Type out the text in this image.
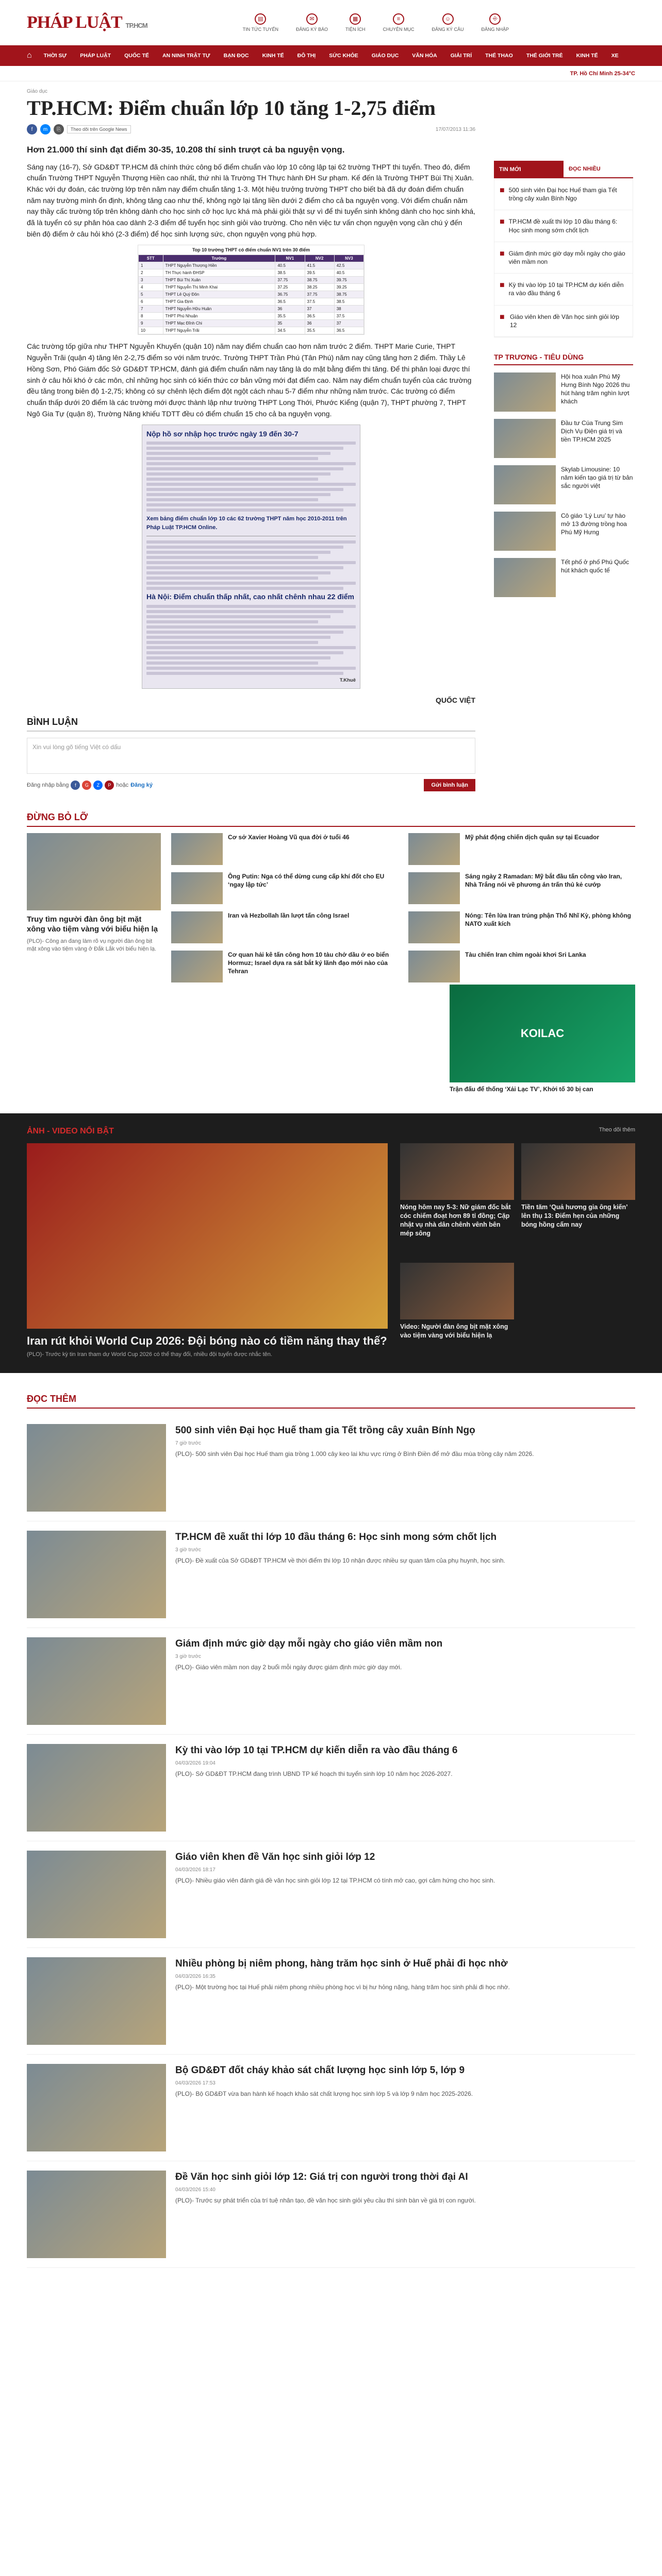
PHÁP LUẬT TP.HCM
▤
TIN TỨC TUYỂN
✉
ĐĂNG KÝ BÁO
▦
TIỆN ÍCH
≡
CHUYÊN MỤC
☺
ĐĂNG KÝ CÂU
⎆
ĐĂNG NHẬP
⌂	THỜI SỰ	PHÁP LUẬT	QUỐC TẾ	AN NINH TRẬT TỰ	BẠN ĐỌC	KINH TẾ	ĐÔ THỊ	SỨC KHỎE	GIÁO DỤC	VĂN HÓA	GIẢI TRÍ	THỂ THAO	THỂ GIỚI TRẺ	KINH TẾ	XE
TP. Hồ Chí Minh 25-34°C
Giáo dục
TP.HCM: Điểm chuẩn lớp 10 tăng 1-2,75 điểm
f	m	⎘	Theo dõi trên Google News	17/07/2013 11:36

Hơn 21.000 thí sinh đạt điểm 30-35, 10.208 thí sinh trượt cả ba nguyện vọng.

Sáng nay (16-7), Sở GD&ĐT TP.HCM đã chính thức công bố điểm chuẩn vào lớp 10 công lập tại 62 trường THPT thi tuyển. Theo đó, điểm chuẩn Trường THPT Nguyễn Thượng Hiền cao nhất, thứ nhì là Trường TH Thực hành ĐH Sư phạm. Kế đến là Trường THPT Bùi Thị Xuân. Khác với dự đoán, các trường lớp trên năm nay điểm chuẩn tăng 1-3. Một hiệu trưởng trường THPT cho biết bà đã dự đoán điểm chuẩn năm nay trường mình ổn định, không tăng cao như thế, không ngờ lại tăng liền dưới 2 điểm cho cả ba nguyện vọng. Với điểm chuẩn năm nay thầy cấc trường tốp trên không dành cho học sinh cỡ học lực khá mà phải giỏi thật sự vì để thi tuyển sinh không dành cho học sinh khá, đã là tuyển có sự phân hóa cao dành 2-3 điểm để tuyển học sinh giỏi vào trường. Cho nên việc tư vấn chọn nguyện vọng cần chú ý đến biên độ điểm ở câu hỏi khó (2-3 điểm) để học sinh lượng sức, chọn nguyện vọng phù hợp.

Top 10 trường THPT có điểm chuẩn NV1 trên 30 điểm
STT	Trường	NV1	NV2	NV3
1	THPT Nguyễn Thượng Hiền	40.5	41.5	42.5
2	TH Thực hành ĐHSP	38.5	39.5	40.5
3	THPT Bùi Thị Xuân	37.75	38.75	39.75
4	THPT Nguyễn Thị Minh Khai	37.25	38.25	39.25
5	THPT Lê Quý Đôn	36.75	37.75	38.75
6	THPT Gia Định	36.5	37.5	38.5
7	THPT Nguyễn Hữu Huân	36	37	38
8	THPT Phú Nhuận	35.5	36.5	37.5
9	THPT Mạc Đĩnh Chi	35	36	37
10	THPT Nguyễn Trãi	34.5	35.5	36.5

Các trường tốp giữa như THPT Nguyễn Khuyến (quận 10) năm nay điểm chuẩn cao hơn năm trước 2 điểm. THPT Marie Curie, THPT Nguyễn Trãi (quận 4) tăng lên 2-2,75 điểm so với năm trước. Trường THPT Trần Phú (Tân Phú) năm nay cũng tăng hơn 2 điểm. Thầy Lê Hồng Sơn, Phó Giám đốc Sở GD&ĐT TP.HCM, đánh giá điểm chuẩn năm nay tăng là do mặt bằng điểm thi tăng. Để thi phân loại được thí sinh ở câu hỏi khó ở các môn, chỉ những học sinh có kiến thức cơ bản vững mới đạt điểm cao. Năm nay điểm chuẩn tuyển của các trường đều tăng trong biên độ 1-2,75; không có sự chênh lệch điểm đột ngột cách nhau 5-7 điểm như những năm trước. Các trường có điểm chuẩn thấp dưới 20 điểm là các trường mới được thành lập như trường THPT Long Thới, Phước Kiểng (quận 7), THPT phường 7, THPT Ngô Gia Tự (quận 8), Trường Năng khiếu TDTT đều có điểm chuẩn 15 cho cả ba nguyện vọng.

Nộp hồ sơ nhập học trước ngày 19 đến 30-7
Xem bảng điểm chuẩn lớp 10 các 62 trường THPT năm học 2010-2011 trên Pháp Luật TP.HCM Online.
Hà Nội: Điểm chuẩn thấp nhất, cao nhất chênh nhau 22 điểm
T.Khuê
QUỐC VIỆT
BÌNH LUẬN
Xin vui lòng gõ tiếng Việt có dấu
Đăng nhập bằng	f	G	Z	P hoặc Đăng ký	Gửi bình luận
TIN MỚI	ĐỌC NHIỀU
■ 500 sinh viên Đại học Huế tham gia Tết trồng cây xuân Bính Ngọ
■ TP.HCM đề xuất thi lớp 10 đầu tháng 6: Học sinh mong sớm chốt lịch
■ Giám định mức giờ dạy mỗi ngày cho giáo viên mầm non
■ Kỳ thi vào lớp 10 tại TP.HCM dự kiến diễn ra vào đầu tháng 6
■ Giáo viên khen đề Văn học sinh giỏi lớp 12
TP TRƯƠNG - TIÊU DÙNG
Hội hoa xuân Phú Mỹ Hưng Bính Ngọ 2026 thu hút hàng trăm nghìn lượt khách
Đầu tư Cúa Trung Sim Dịch Vụ Điện giá trị và tiền TP.HCM 2025
Skylab Limousine: 10 năm kiến tạo giá trị từ bản sắc người việt
Cô giáo ‘Lý Lưu’ tự hào mở 13 đường trồng hoa Phú Mỹ Hưng
Tết phố ở phố Phú Quốc hút khách quốc tế
ĐỪNG BỎ LỠ
Truy tìm người đàn ông bịt mặt xông vào tiệm vàng với biểu hiện lạ
(PLO)- Công an đang làm rõ vụ người đàn ông bịt mặt xông vào tiệm vàng ở Đắk Lắk với biểu hiện lạ.
Cơ sở Xavier Hoàng Vũ qua đời ở tuổi 46
Ông Putin: Nga có thể dừng cung cấp khí đốt cho EU ‘ngay lập tức’
Iran và Hezbollah lần lượt tấn công Israel
Cơ quan hải kê tấn công hơn 10 tàu chở dầu ở eo biển Hormuz; Israel dựa ra sát bắt ký lãnh đạo mới nào của Tehran
Mỹ phát động chiến dịch quân sự tại Ecuador
Sáng ngày 2 Ramadan: Mỹ bắt đầu tấn công vào Iran, Nhà Trắng nói về phương án trấn thủ kẻ cướp
Nóng: Tên lửa Iran trúng phận Thổ Nhĩ Kỳ, phòng không NATO xuất kích
Tàu chiến Iran chìm ngoài khơi Sri Lanka
KOILAC
Trận đấu để thống ‘Xải Lạc TV’, Khởi tố 30 bị can
ẢNH - VIDEO NỔI BẬT	Theo dõi thêm
Iran rút khỏi World Cup 2026: Đội bóng nào có tiềm năng thay thế?
(PLO)- Trước kỳ tin Iran tham dự World Cup 2026 có thể thay đổi, nhiều đội tuyển được nhắc tên.
Nóng hôm nay 5-3: Nữ giám đốc bắt cóc chiếm đoạt hơn 89 tỉ đồng; Cặp nhật vụ nhà dân chênh vênh bên mép sông
Tiền tăm ‘Quả hương gia ông kiến’ lên thụ 13: Điểm hẹn của những bóng hồng cấm nay
Video: Người đàn ông bịt mặt xông vào tiệm vàng với biểu hiện lạ
ĐỌC THÊM
500 sinh viên Đại học Huế tham gia Tết trồng cây xuân Bính Ngọ
7 giờ trước
(PLO)- 500 sinh viên Đại học Huế tham gia trồng 1.000 cây keo lai khu vực rừng ở Bình Điền để mở đầu mùa trồng cây năm 2026.
TP.HCM đề xuất thi lớp 10 đầu tháng 6: Học sinh mong sớm chốt lịch
3 giờ trước
(PLO)- Đề xuất của Sở GD&ĐT TP.HCM về thời điểm thi lớp 10 nhận được nhiều sự quan tâm của phụ huynh, học sinh.
Giám định mức giờ dạy mỗi ngày cho giáo viên mầm non
3 giờ trước
(PLO)- Giáo viên mầm non dạy 2 buổi mỗi ngày được giám định mức giờ dạy mới.
Kỳ thi vào lớp 10 tại TP.HCM dự kiến diễn ra vào đầu tháng 6
04/03/2026 19:04
(PLO)- Sở GD&ĐT TP.HCM đang trình UBND TP kế hoạch thi tuyển sinh lớp 10 năm học 2026-2027.
Giáo viên khen đề Văn học sinh giỏi lớp 12
04/03/2026 18:17
(PLO)- Nhiều giáo viên đánh giá đề văn học sinh giỏi lớp 12 tại TP.HCM có tính mở cao, gợi cảm hứng cho học sinh.
Nhiều phòng bị niêm phong, hàng trăm học sinh ở Huế phải đi học nhờ
04/03/2026 16:35
(PLO)- Một trường học tại Huế phải niêm phong nhiều phòng học vì bị hư hỏng nặng, hàng trăm học sinh phải đi học nhờ.
Bộ GD&ĐT đốt cháy khảo sát chất lượng học sinh lớp 5, lớp 9
04/03/2026 17:53
(PLO)- Bộ GD&ĐT vừa ban hành kế hoạch khảo sát chất lượng học sinh lớp 5 và lớp 9 năm học 2025-2026.
Đề Văn học sinh giỏi lớp 12: Giá trị con người trong thời đại AI
04/03/2026 15:40
(PLO)- Trước sự phát triển của trí tuệ nhân tạo, đề văn học sinh giỏi yêu cầu thí sinh bàn về giá trị con người.
